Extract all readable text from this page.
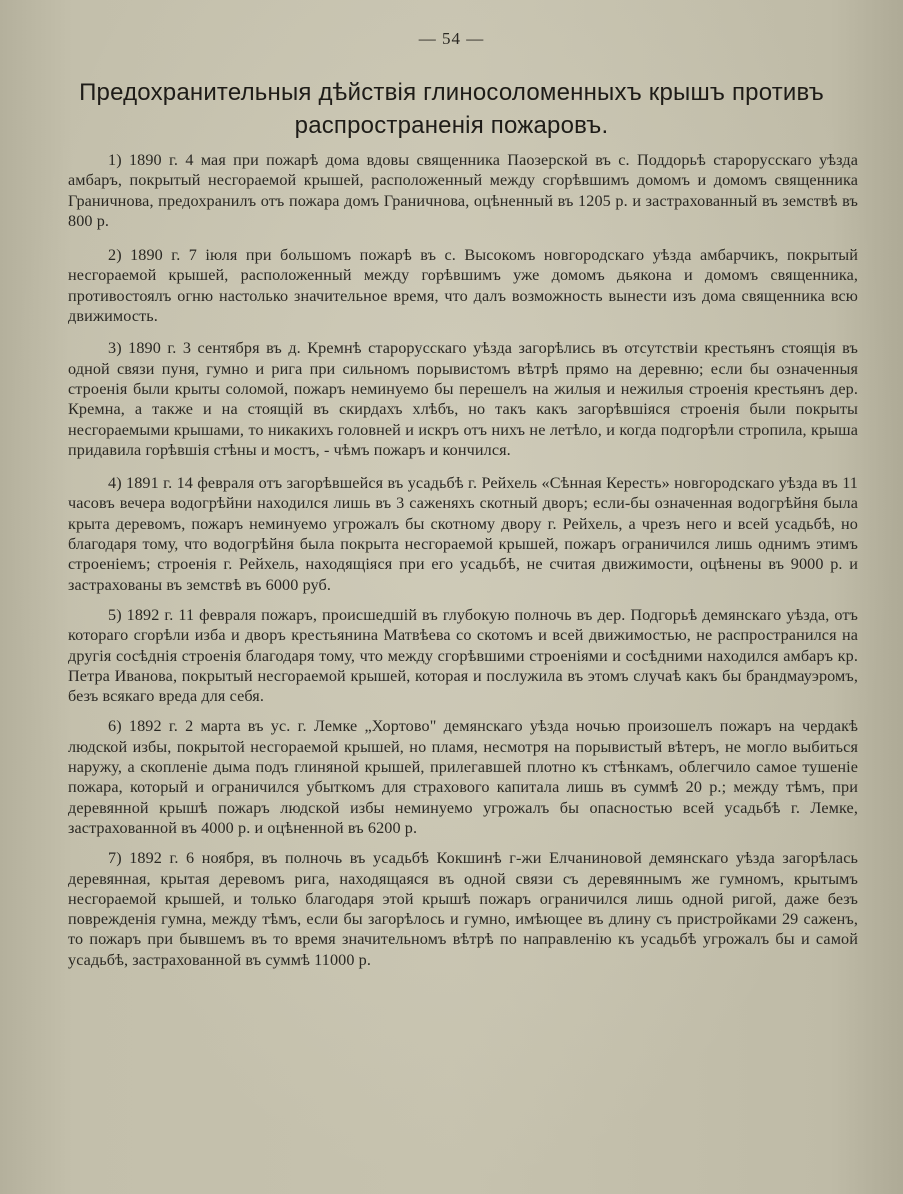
— 54 —
Предохранительныя дѣйствія глиносоломенныхъ крышъ противъ
распространенія пожаровъ.

1) 1890 г. 4 мая при пожарѣ дома вдовы священника Паозерской въ с. Поддорьѣ старорусскаго уѣзда амбаръ, покрытый несгораемой крышей, расположенный между сгорѣвшимъ домомъ и домомъ священника Граничнова, предохранилъ отъ пожара домъ Граничнова, оцѣненный въ 1205 р. и застрахованный въ земствѣ въ 800 р.

2) 1890 г. 7 іюля при большомъ пожарѣ въ с. Высокомъ новгородскаго уѣзда амбарчикъ, покрытый несгораемой крышей, расположенный между горѣвшимъ уже домомъ дьякона и домомъ священника, противостоялъ огню настолько значительное время, что далъ возможность вынести изъ дома священника всю движимость.

3) 1890 г. 3 сентября въ д. Кремнѣ старорусскаго уѣзда загорѣлись въ отсутствіи крестьянъ стоящія въ одной связи пуня, гумно и рига при сильномъ порывистомъ вѣтрѣ прямо на деревню; если бы означенныя строенія были крыты соломой, пожаръ неминуемо бы перешелъ на жилыя и нежилыя строенія крестьянъ дер. Кремна, а также и на стоящій въ скирдахъ хлѣбъ, но такъ какъ загорѣвшіяся строенія были покрыты несгораемыми крышами, то никакихъ головней и искръ отъ нихъ не летѣло, и когда подгорѣли стропила, крыша придавила горѣвшія стѣны и мостъ, - чѣмъ пожаръ и кончился.

4) 1891 г. 14 февраля отъ загорѣвшейся въ усадьбѣ г. Рейхель «Сѣнная Кересть» новгородскаго уѣзда въ 11 часовъ вечера водогрѣйни находился лишь въ 3 саженяхъ скотный дворъ; если-бы означенная водогрѣйня была крыта деревомъ, пожаръ неминуемо угрожалъ бы скотному двору г. Рейхель, а чрезъ него и всей усадьбѣ, но благодаря тому, что водогрѣйня была покрыта несгораемой крышей, пожаръ ограничился лишь однимъ этимъ строеніемъ; строенія г. Рейхель, находящіяся при его усадьбѣ, не считая движимости, оцѣнены въ 9000 р. и застрахованы въ земствѣ въ 6000 руб.

5) 1892 г. 11 февраля пожаръ, происшедшій въ глубокую полночь въ дер. Подгорьѣ демянскаго уѣзда, отъ котораго сгорѣли изба и дворъ крестьянина Матвѣева со скотомъ и всей движимостью, не распространился на другія сосѣднія строенія благодаря тому, что между сгорѣвшими строеніями и сосѣдними находился амбаръ кр. Петра Иванова, покрытый несгораемой крышей, которая и послужила въ этомъ случаѣ какъ бы брандмауэромъ, безъ всякаго вреда для себя.

6) 1892 г. 2 марта въ ус. г. Лемке „Хортово" демянскаго уѣзда ночью произошелъ пожаръ на чердакѣ людской избы, покрытой несгораемой крышей, но пламя, несмотря на порывистый вѣтеръ, не могло выбиться наружу, а скопленіе дыма подъ глиняной крышей, прилегавшей плотно къ стѣнкамъ, облегчило самое тушеніе пожара, который и ограничился убыткомъ для страхового капитала лишь въ суммѣ 20 р.; между тѣмъ, при деревянной крышѣ пожаръ людской избы неминуемо угрожалъ бы опасностью всей усадьбѣ г. Лемке, застрахованной въ 4000 р. и оцѣненной въ 6200 р.

7) 1892 г. 6 ноября, въ полночь въ усадьбѣ Кокшинѣ г-жи Елчаниновой демянскаго уѣзда загорѣлась деревянная, крытая деревомъ рига, находящаяся въ одной связи съ деревяннымъ же гумномъ, крытымъ несгораемой крышей, и только благодаря этой крышѣ пожаръ ограничился лишь одной ригой, даже безъ поврежденія гумна, между тѣмъ, если бы загорѣлось и гумно, имѣющее въ длину съ пристройками 29 саженъ, то пожаръ при бывшемъ въ то время значительномъ вѣтрѣ по направленію къ усадьбѣ угрожалъ бы и самой усадьбѣ, застрахованной въ суммѣ 11000 р.
